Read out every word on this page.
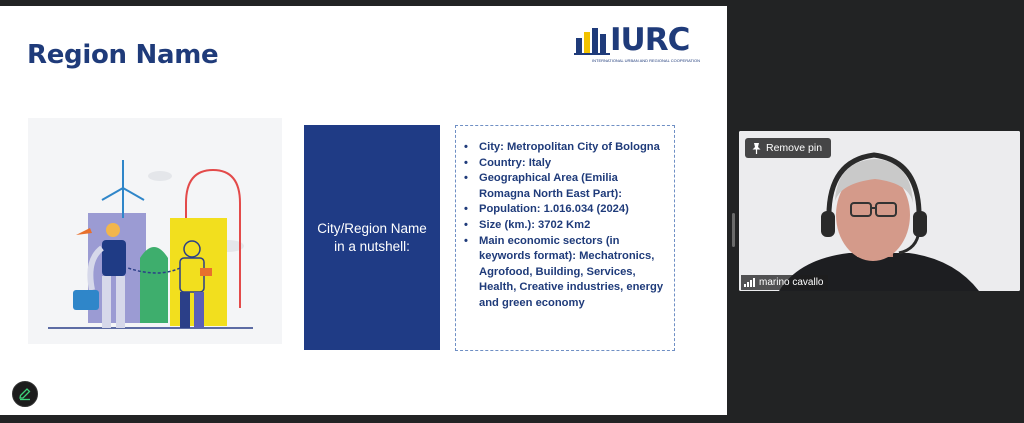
Region Name	IURC
INTERNATIONAL URBAN AND REGIONAL COOPERATION
City/Region Name in a nutshell:
• City: Metropolitan City of Bologna
• Country: Italy
• Geographical Area (Emilia Romagna North East Part):
• Population: 1.016.034 (2024)
• Size (km.): 3702 Km2
• Main economic sectors (in keywords format): Mechatronics, Agrofood, Building, Services, Health, Creative industries, energy and green economy
Remove pin
marino cavallo
